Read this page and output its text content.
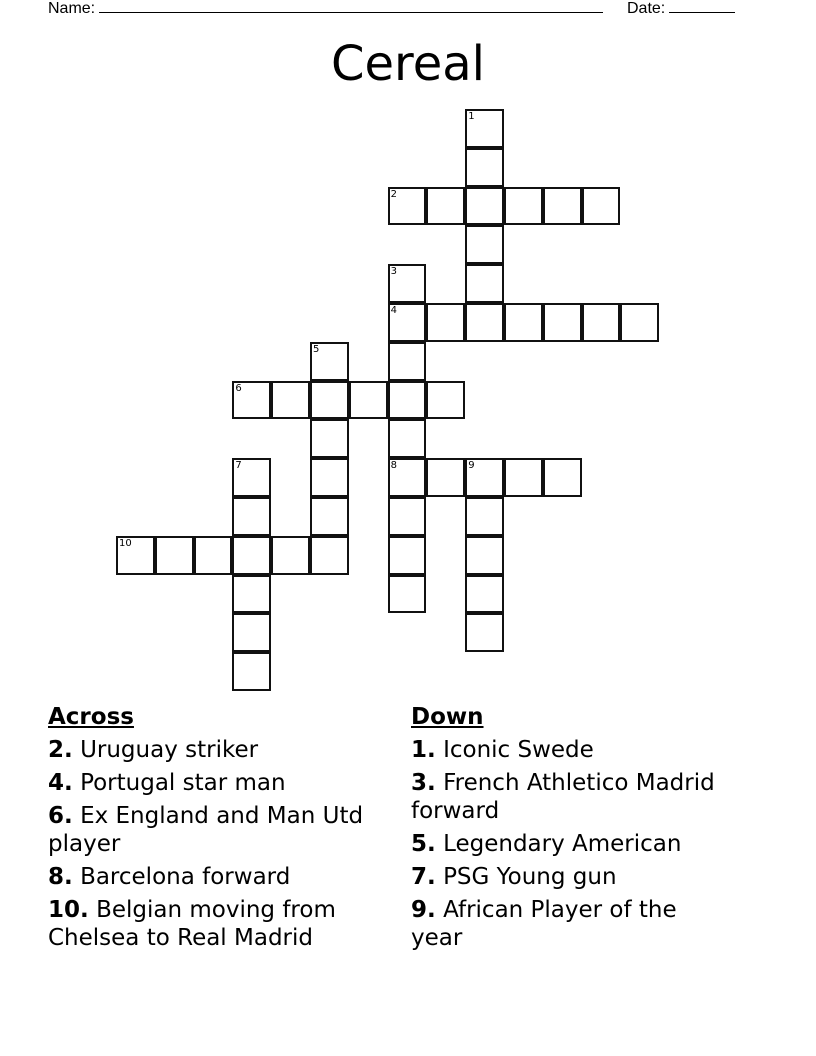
Name:	Date:
Cereal
1
2
3
4
8
5
6
7	9
10
Across
2. Uruguay striker
4. Portugal star man
6. Ex England and Man Utd player
8. Barcelona forward
10. Belgian moving from Chelsea to Real Madrid
Down
1. Iconic Swede
3. French Athletico Madrid forward
5. Legendary American
7. PSG Young gun
9. African Player of the year
